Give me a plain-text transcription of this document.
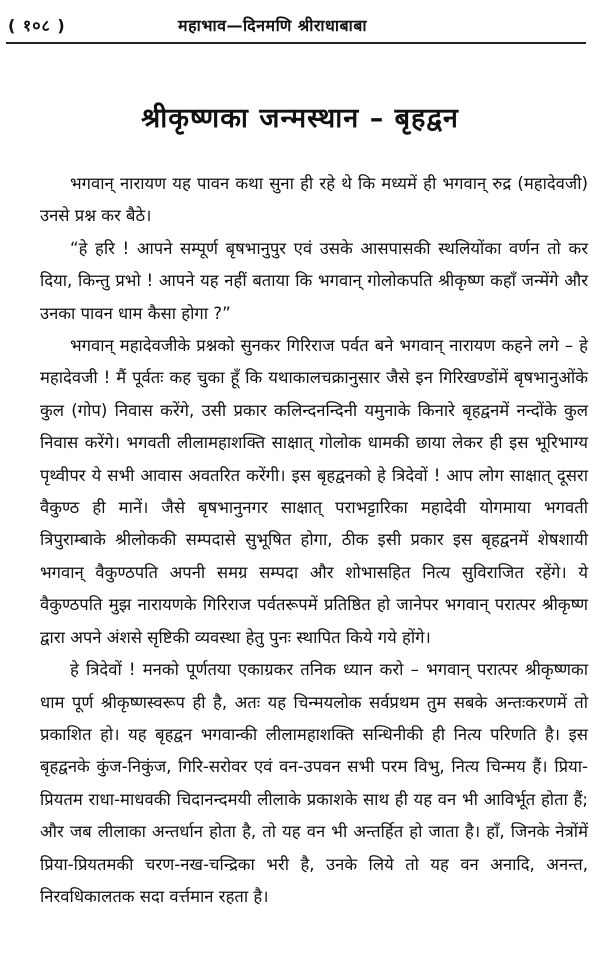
( १०८ )	महाभाव—दिनमणि श्रीराधाबाबा
श्रीकृष्णका जन्मस्थान – बृहद्वन

भगवान् नारायण यह पावन कथा सुना ही रहे थे कि मध्यमें ही भगवान् रुद्र (महादेवजी) उनसे प्रश्न कर बैठे।

“हे हरि ! आपने सम्पूर्ण बृषभानुपुर एवं उसके आसपासकी स्थलियोंका वर्णन तो कर दिया, किन्तु प्रभो ! आपने यह नहीं बताया कि भगवान् गोलोकपति श्रीकृष्ण कहाँ जन्मेंगे और उनका पावन धाम कैसा होगा ?”

भगवान् महादेवजीके प्रश्नको सुनकर गिरिराज पर्वत बने भगवान् नारायण कहने लगे – हे महादेवजी ! मैं पूर्वतः कह चुका हूँ कि यथाकालचक्रानुसार जैसे इन गिरिखण्डोंमें बृषभानुओंके कुल (गोप) निवास करेंगे, उसी प्रकार कलिन्दनन्दिनी यमुनाके किनारे बृहद्वनमें नन्दोंके कुल निवास करेंगे। भगवती लीलामहाशक्ति साक्षात् गोलोक धामकी छाया लेकर ही इस भूरिभाग्य पृथ्वीपर ये सभी आवास अवतरित करेंगी। इस बृहद्वनको हे त्रिदेवों ! आप लोग साक्षात् दूसरा वैकुण्ठ ही मानें। जैसे बृषभानुनगर साक्षात् पराभट्टारिका महादेवी योगमाया भगवती त्रिपुराम्बाके श्रीलोककी सम्पदासे सुभूषित होगा, ठीक इसी प्रकार इस बृहद्वनमें शेषशायी भगवान् वैकुण्ठपति अपनी समग्र सम्पदा और शोभासहित नित्य सुविराजित रहेंगे। ये वैकुण्ठपति मुझ नारायणके गिरिराज पर्वतरूपमें प्रतिष्ठित हो जानेपर भगवान् परात्पर श्रीकृष्ण द्वारा अपने अंशसे सृष्टिकी व्यवस्था हेतु पुनः स्थापित किये गये होंगे।

हे त्रिदेवों ! मनको पूर्णतया एकाग्रकर तनिक ध्यान करो – भगवान् परात्पर श्रीकृष्णका धाम पूर्ण श्रीकृष्णस्वरूप ही है, अतः यह चिन्मयलोक सर्वप्रथम तुम सबके अन्तःकरणमें तो प्रकाशित हो। यह बृहद्वन भगवान्की लीलामहाशक्ति सन्धिनीकी ही नित्य परिणति है। इस बृहद्वनके कुंज-निकुंज, गिरि-सरोवर एवं वन-उपवन सभी परम विभु, नित्य चिन्मय हैं। प्रिया-प्रियतम राधा-माधवकी चिदानन्दमयी लीलाके प्रकाशके साथ ही यह वन भी आविर्भूत होता हैं; और जब लीलाका अन्तर्धान होता है, तो यह वन भी अन्तर्हित हो जाता है। हाँ, जिनके नेत्रोंमें प्रिया-प्रियतमकी चरण-नख-चन्द्रिका भरी है, उनके लिये तो यह वन अनादि, अनन्त, निरवधिकालतक सदा वर्त्तमान रहता है।
